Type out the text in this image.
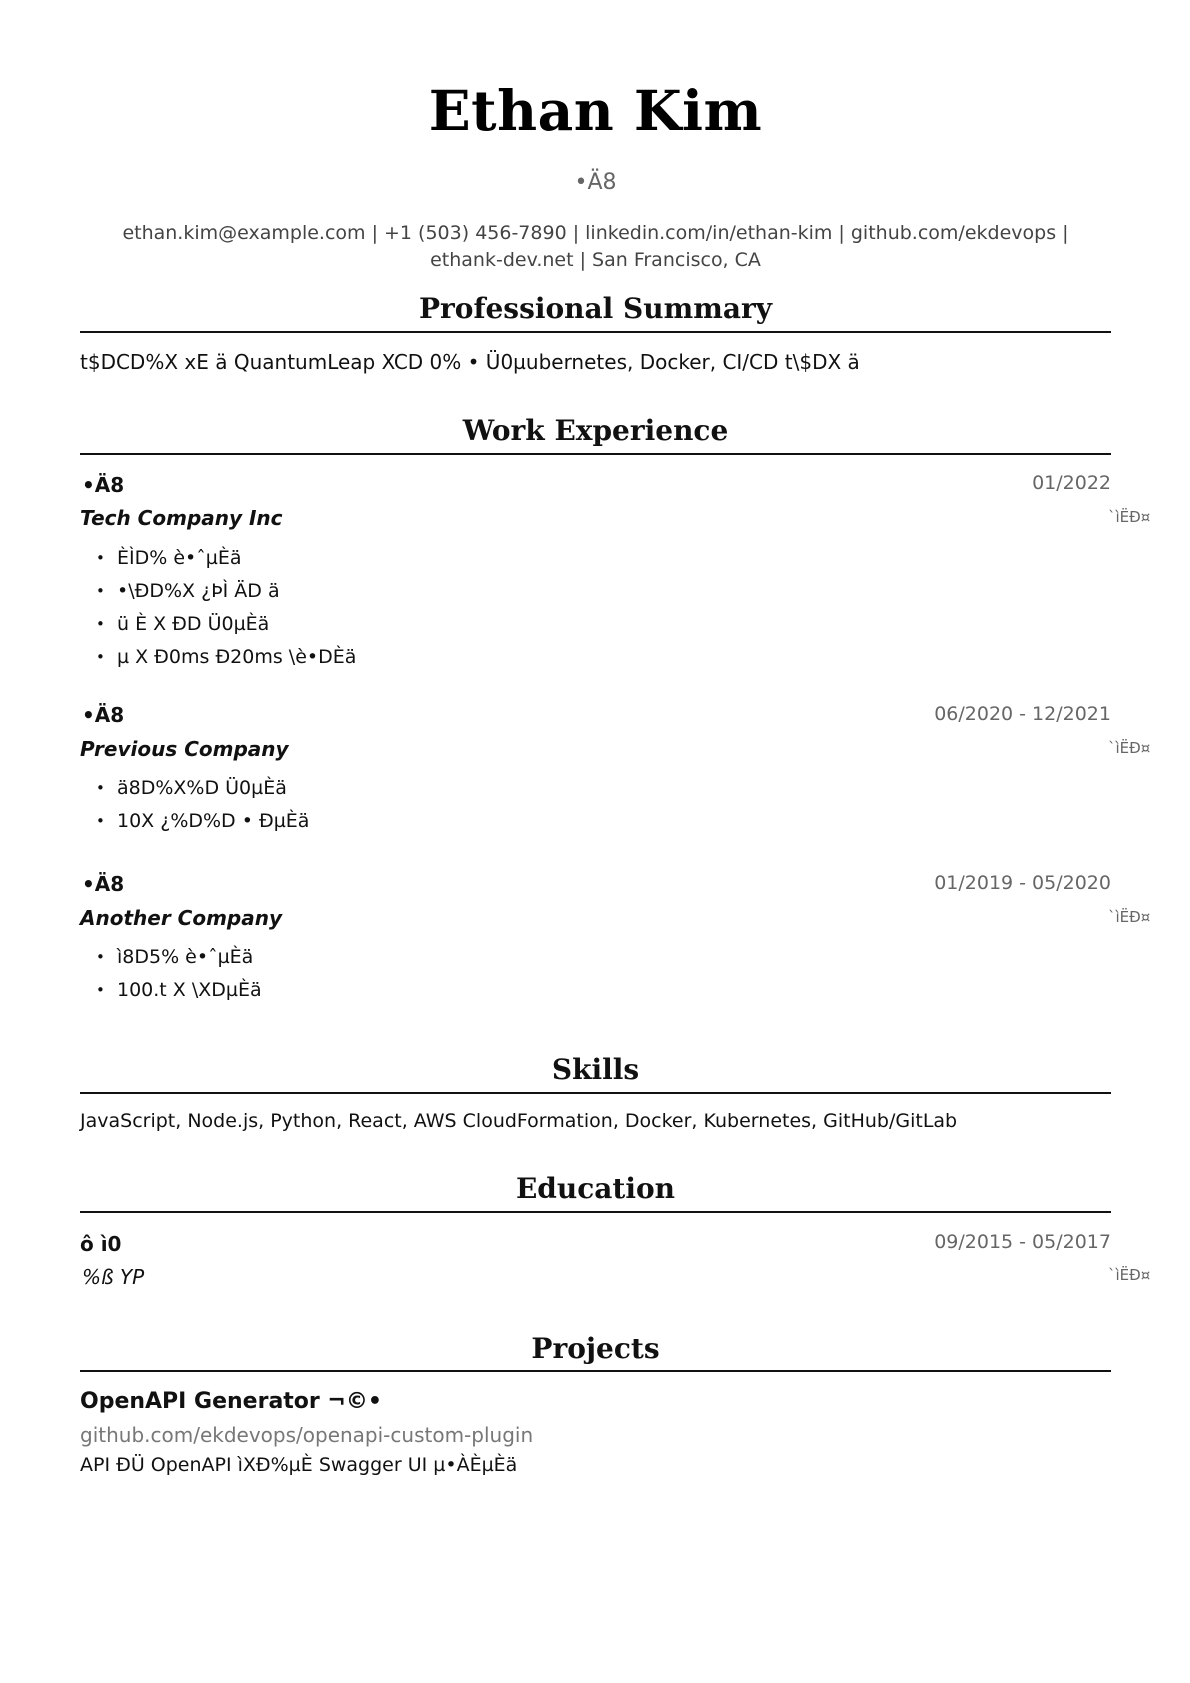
Ethan Kim
•Ä8
ethan.kim@example.com | +1 (503) 456-7890 | linkedin.com/in/ethan-kim | github.com/ekdevops |
ethank-dev.net | San Francisco, CA
Professional Summary
t$DCD%X xE ä QuantumLeap XCD 0% • Ü0µubernetes, Docker, CI/CD t\$DX ä
Work Experience
•Ä8	01/2022
Tech Company Inc	`ìËÐ¤
• ÈÌD% è•ˆµÈä
• •\ÐD%X ¿ÞÌ ÄD ä
• ü È X ÐD Ü0µÈä
• µ X Ð0ms Ð20ms \è•DÈä
•Ä8	06/2020 - 12/2021
Previous Company	`ìËÐ¤
• ä8D%X%D Ü0µÈä
• 10X ¿%D%D • ÐµÈä
•Ä8	01/2019 - 05/2020
Another Company	`ìËÐ¤
• ì8D5% è•ˆµÈä
• 100.t X \XDµÈä
Skills
JavaScript, Node.js, Python, React, AWS CloudFormation, Docker, Kubernetes, GitHub/GitLab
Education
ô ì0	09/2015 - 05/2017
%ß YP	`ìËÐ¤
Projects
OpenAPI Generator ¬©•
github.com/ekdevops/openapi-custom-plugin
API ÐÜ OpenAPI ìXÐ%µÈ Swagger UI µ•ÀÈµÈä
